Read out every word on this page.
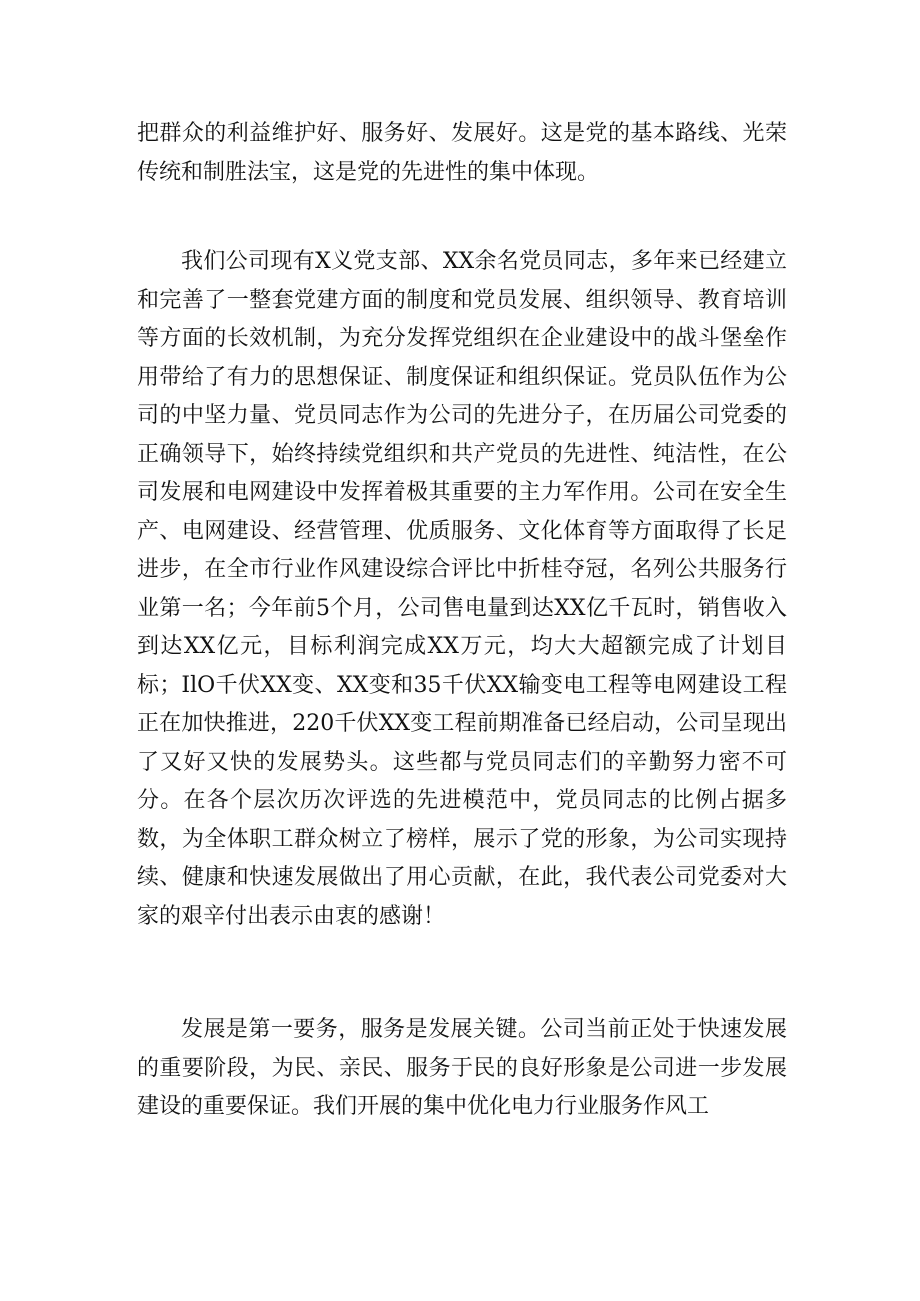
把群众的利益维护好、服务好、发展好。这是党的基本路线、光荣传统和制胜法宝，这是党的先进性的集中体现。

我们公司现有X义党支部、XX余名党员同志，多年来已经建立和完善了一整套党建方面的制度和党员发展、组织领导、教育培训等方面的长效机制，为充分发挥党组织在企业建设中的战斗堡垒作用带给了有力的思想保证、制度保证和组织保证。党员队伍作为公司的中坚力量、党员同志作为公司的先进分子，在历届公司党委的正确领导下，始终持续党组织和共产党员的先进性、纯洁性，在公司发展和电网建设中发挥着极其重要的主力军作用。公司在安全生产、电网建设、经营管理、优质服务、文化体育等方面取得了长足进步，在全市行业作风建设综合评比中折桂夺冠，名列公共服务行业第一名；今年前5个月，公司售电量到达XX亿千瓦时，销售收入到达XX亿元，目标利润完成XX万元，均大大超额完成了计划目标；IlO千伏XX变、XX变和35千伏XX输变电工程等电网建设工程正在加快推进，220千伏XX变工程前期准备已经启动，公司呈现出了又好又快的发展势头。这些都与党员同志们的辛勤努力密不可分。在各个层次历次评选的先进模范中，党员同志的比例占据多数，为全体职工群众树立了榜样，展示了党的形象，为公司实现持续、健康和快速发展做出了用心贡献，在此，我代表公司党委对大家的艰辛付出表示由衷的感谢！

发展是第一要务，服务是发展关键。公司当前正处于快速发展的重要阶段，为民、亲民、服务于民的良好形象是公司进一步发展建设的重要保证。我们开展的集中优化电力行业服务作风工
